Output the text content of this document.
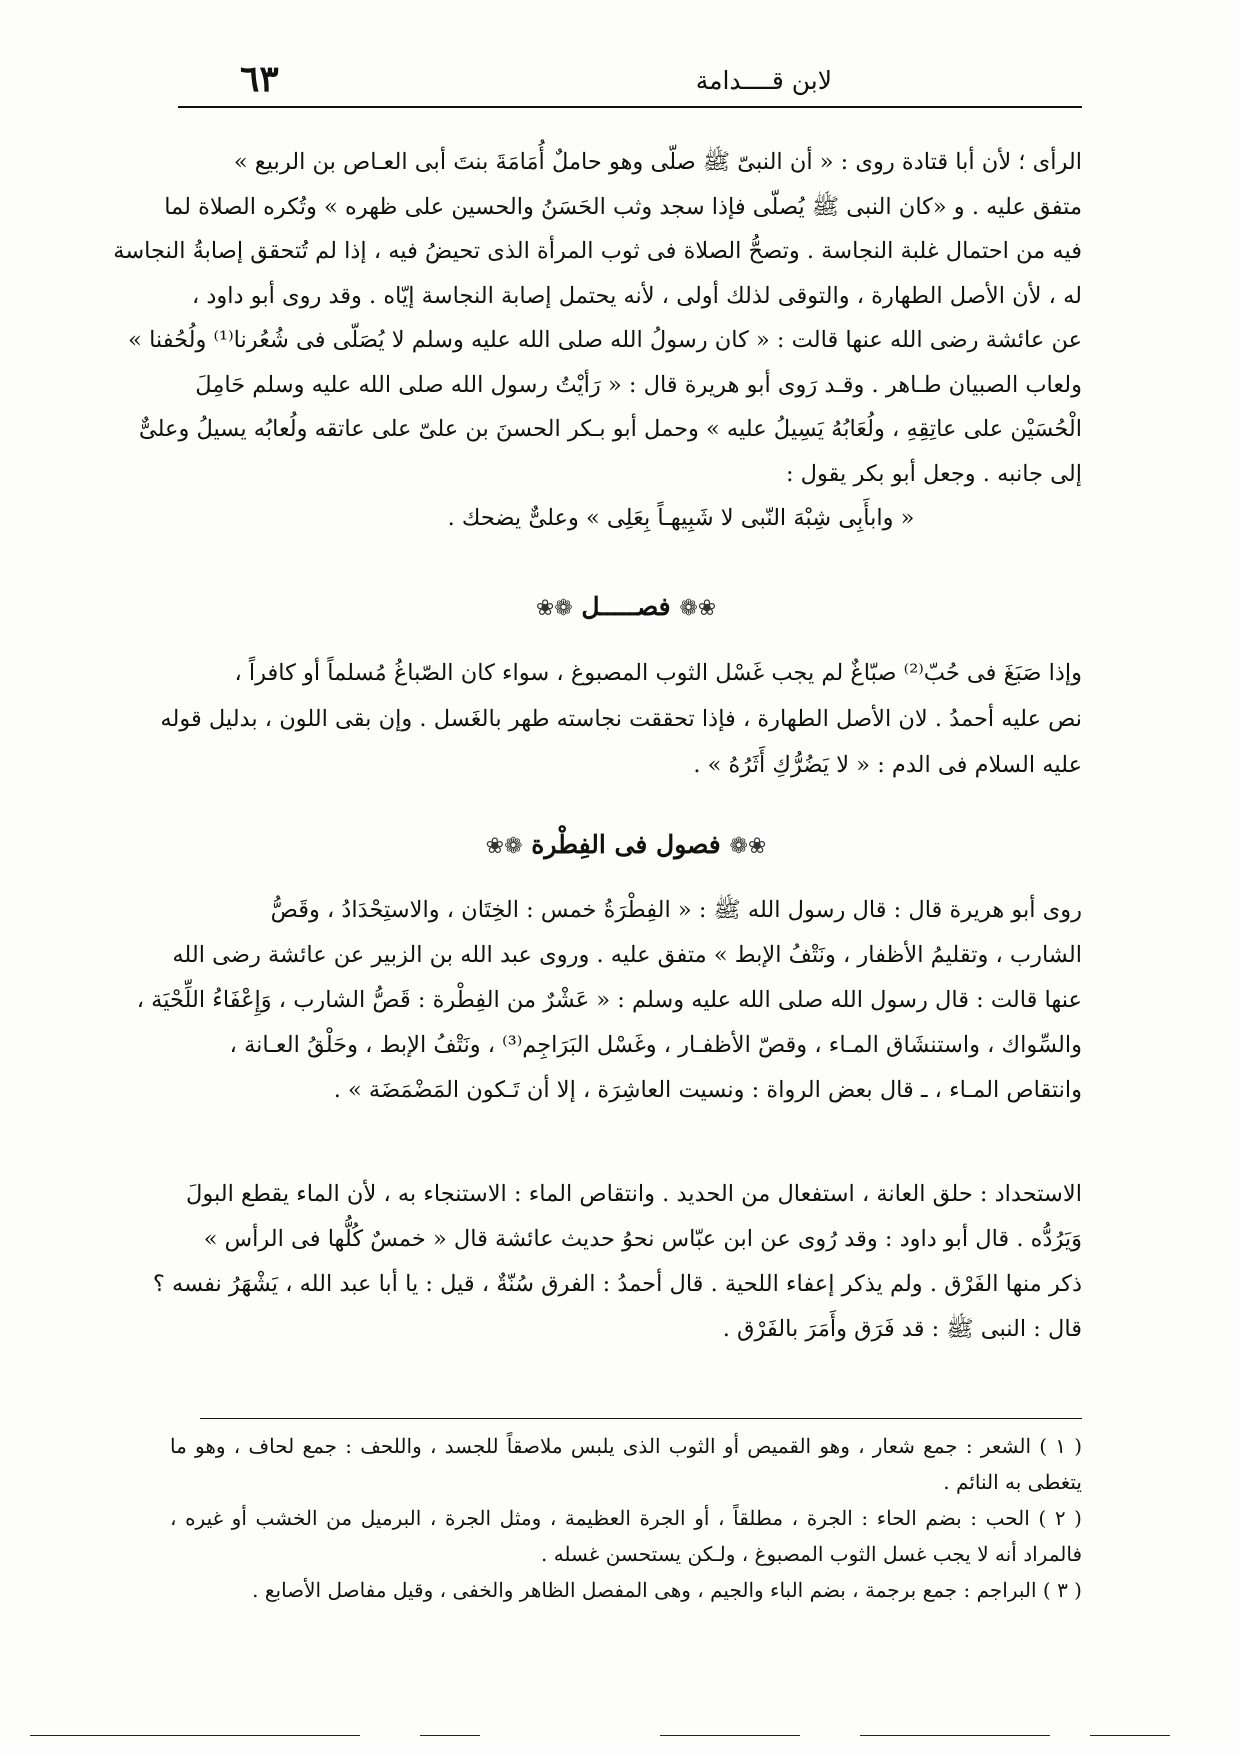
٦٣	لابن قــــدامة
الرأى ؛ لأن أبا قتادة روى : « أن النبىّ ﷺ صلّى وهو حاملٌ أُمَامَةَ بنتَ أبى العـاص بن الربيع »
متفق عليه . و «كان النبى ﷺ يُصلّى فإذا سجد وثب الحَسَنُ والحسين على ظهره » وتُكره الصلاة لما
فيه من احتمال غلبة النجاسة . وتصحُّ الصلاة فى ثوب المرأة الذى تحيضُ فيه ، إذا لم تُتحقق إصابةُ النجاسة
له ، لأن الأصل الطهارة ، والتوقى لذلك أولى ، لأنه يحتمل إصابة النجاسة إيّاه . وقد روى أبو داود ،
عن عائشة رضى الله عنها قالت : « كان رسولُ الله صلى الله عليه وسلم لا يُصَلّى فى شُعُرنا⁽¹⁾ ولُحُفنا »
ولعاب الصبيان طـاهر . وقـد رَوى أبو هريرة قال : « رَأيْتُ رسول الله صلى الله عليه وسلم حَامِلَ
الْحُسَيْن على عاتِقِهِ ، ولُعَابُهُ يَسِيلُ عليه » وحمل أبو بـكر الحسنَ بن علىّ على عاتقه ولُعابُه يسيلُ وعلىٌّ
إلى جانبه . وجعل أبو بكر يقول :
« وابأَبِى شِبْهَ النّبى لا شَبِيهـاً بِعَلِى » وعلىٌّ يضحك .
❀❁ فصـــــل ❁❀
وإذا صَبَغَ فى حُبّ⁽²⁾ صبّاغٌ لم يجب غَسْل الثوب المصبوغ ، سواء كان الصّباغُ مُسلماً أو كافراً ،
نص عليه أحمدُ . لان الأصل الطهارة ، فإذا تحققت نجاسته طهر بالغَسل . وإن بقى اللون ، بدليل قوله
عليه السلام فى الدم : « لا يَضُرُّكِ أَثَرُهُ » .
❀❁ فصول فى الفِطْرة ❁❀
روى أبو هريرة قال : قال رسول الله ﷺ : « الفِطْرَةُ خمس : الخِتَان ، والاستِحْدَادُ ، وقَصُّ
الشارب ، وتقليمُ الأظفار ، ونَتْفُ الإبط » متفق عليه . وروى عبد الله بن الزبير عن عائشة رضى الله
عنها قالت : قال رسول الله صلى الله عليه وسلم : « عَشْرٌ من الفِطْرة : قَصُّ الشارب ، وَإِعْفَاءُ اللِّحْيَة ،
والسِّواك ، واستنشَاق المـاء ، وقصّ الأظفـار ، وغَسْل البَرَاجِم⁽³⁾ ، ونَتْفُ الإبط ، وحَلْقُ العـانة ،
وانتقاص المـاء ، ـ قال بعض الرواة : ونسيت العاشِرَة ، إلا أن تَـكون المَضْمَضَة » .
الاستحداد : حلق العانة ، استفعال من الحديد . وانتقاص الماء : الاستنجاء به ، لأن الماء يقطع البولَ
وَيَرُدُّه . قال أبو داود : وقد رُوى عن ابن عبّاس نحوُ حديث عائشة قال « خمسٌ كُلُّها فى الرأس »
ذكر منها الفَرْق . ولم يذكر إعفاء اللحية . قال أحمدُ : الفرق سُنّةٌ ، قيل : يا أبا عبد الله ، يَشْهَرُ نفسه ؟
قال : النبى ﷺ : قد فَرَق وأَمَرَ بالفَرْق .
( ١ ) الشعر : جمع شعار ، وهو القميص أو الثوب الذى يلبس ملاصقاً للجسد ، واللحف : جمع لحاف ، وهو ما يتغطى به النائم .
( ٢ ) الحب : بضم الحاء : الجرة ، مطلقاً ، أو الجرة العظيمة ، ومثل الجرة ، البرميل من الخشب أو غيره ، فالمراد أنه لا يجب غسل الثوب المصبوغ ، ولـكن يستحسن غسله .
( ٣ ) البراجم : جمع برجمة ، بضم الباء والجيم ، وهى المفصل الظاهر والخفى ، وقيل مفاصل الأصابع .
